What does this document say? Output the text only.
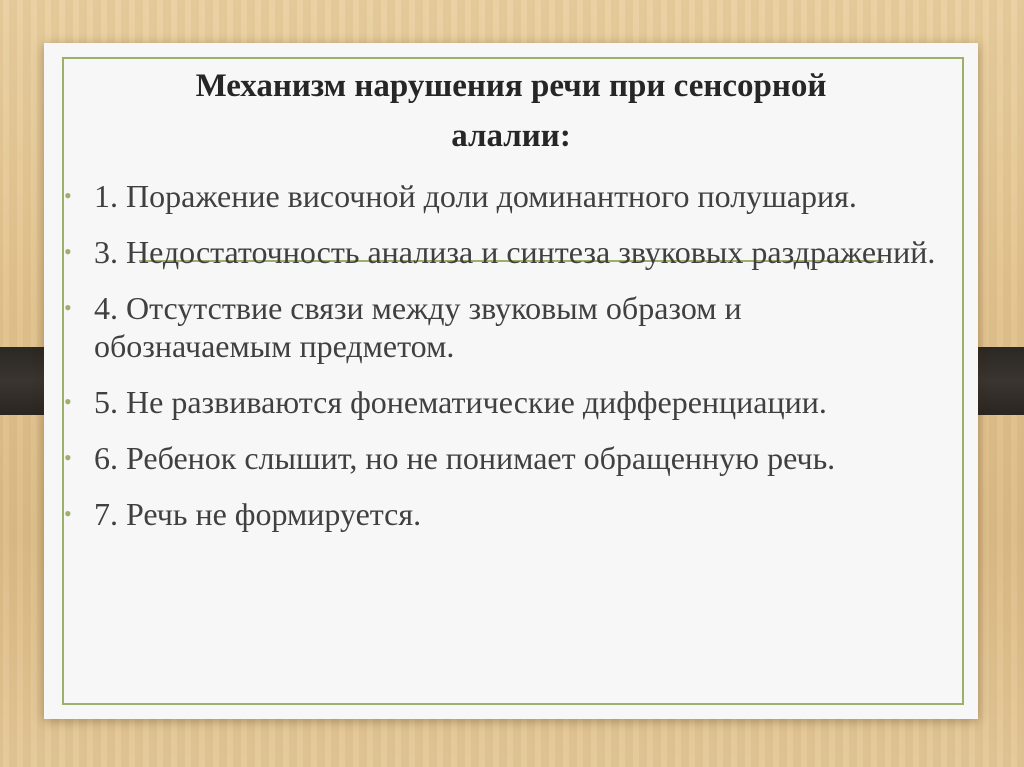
Механизм нарушения речи при сенсорной
алалии:
• 1. Поражение височной доли доминантного полушария.
• 3. Недостаточность анализа и синтеза звуковых раздражений.
• 4. Отсутствие связи между звуковым образом и обозначаемым предметом.
• 5. Не развиваются фонематические дифференциации.
• 6. Ребенок слышит, но не понимает обращенную речь.
• 7. Речь не формируется.
